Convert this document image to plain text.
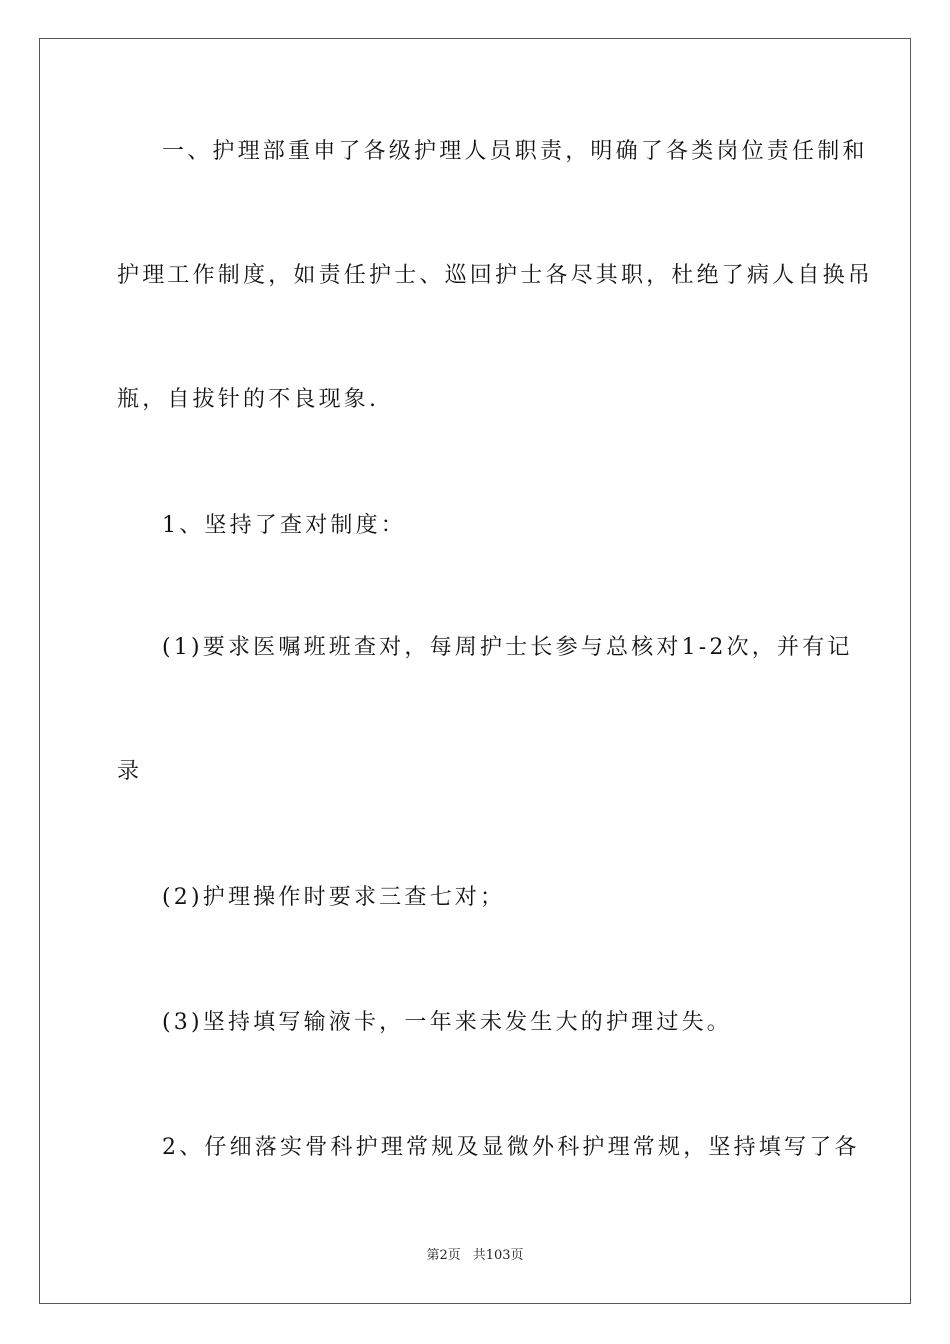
一、护理部重申了各级护理人员职责，明确了各类岗位责任制和
护理工作制度，如责任护士、巡回护士各尽其职，杜绝了病人自换吊
瓶，自拔针的不良现象.
1、坚持了查对制度：
(1)要求医嘱班班查对，每周护士长参与总核对1-2次，并有记
录
(2)护理操作时要求三查七对；
(3)坚持填写输液卡，一年来未发生大的护理过失。
2、仔细落实骨科护理常规及显微外科护理常规，坚持填写了各
第2页 共103页
